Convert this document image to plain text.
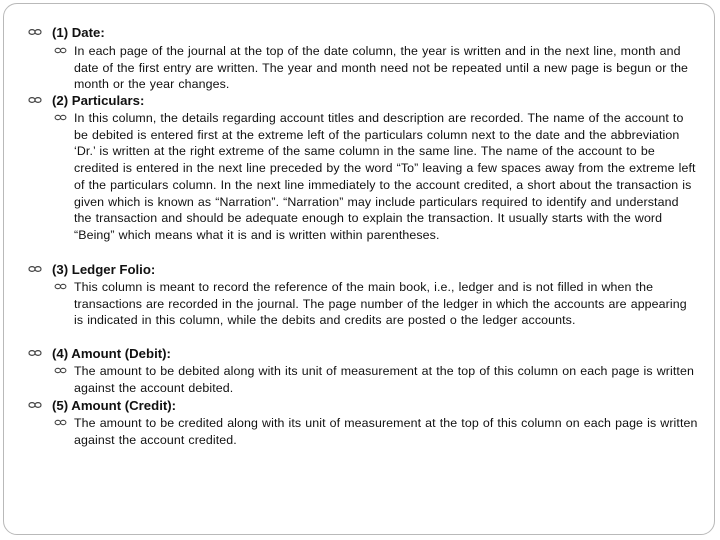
(1) Date:
In each page of the journal at the top of the date column, the year is written and in the next line, month and date of the first entry are written. The year and month need not be repeated until a new page is begun or the month or the year changes.
(2) Particulars:
In this column, the details regarding account titles and description are recorded. The name of the account to be debited is entered first at the extreme left of the particulars column next to the date and the abbreviation ‘Dr.’ is written at the right extreme of the same column in the same line. The name of the account to be credited is entered in the next line preceded by the word “To” leaving a few spaces away from the extreme left of the particulars column. In the next line immediately to the account credited, a short about the transaction is given which is known as “Narration”. “Narration” may include particulars required to identify and understand the transaction and should be adequate enough to explain the transaction. It usually starts with the word “Being” which means what it is and is written within parentheses.
(3) Ledger Folio:
This column is meant to record the reference of the main book, i.e., ledger and is not filled in when the transactions are recorded in the journal. The page number of the ledger in which the accounts are appearing is indicated in this column, while the debits and credits are posted o the ledger accounts.
(4) Amount (Debit):
The amount to be debited along with its unit of measurement at the top of this column on each page is written against the account debited.
(5) Amount (Credit):
The amount to be credited along with its unit of measurement at the top of this column on each page is written against the account credited.
